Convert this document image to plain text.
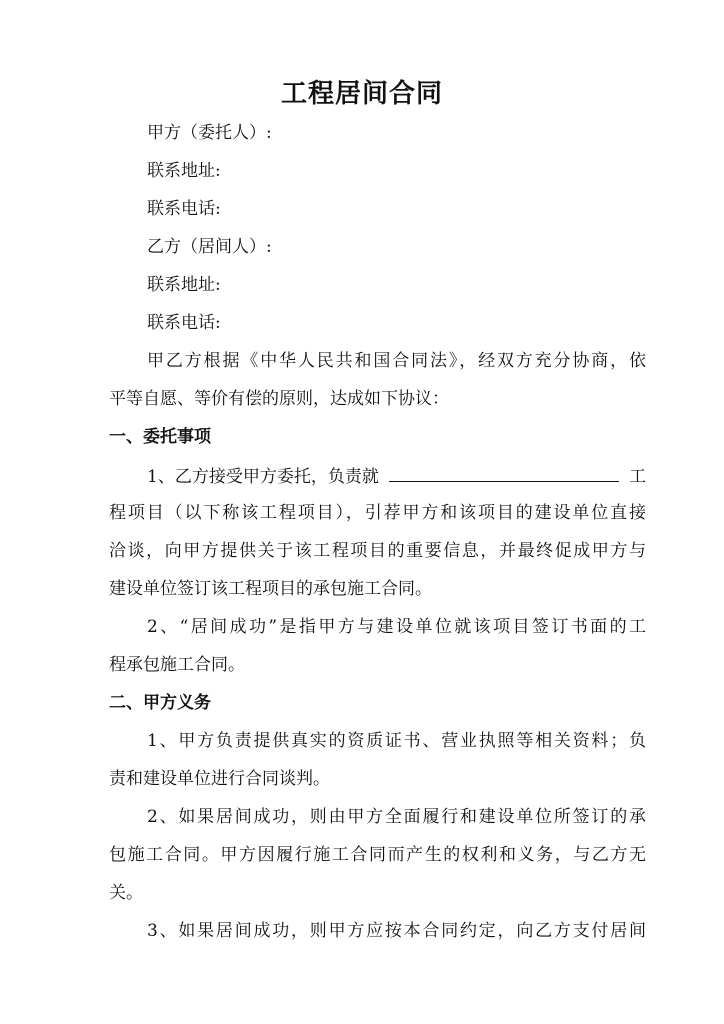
工程居间合同
甲方（委托人）:
联系地址:
联系电话:
乙方（居间人）:
联系地址:
联系电话:
甲乙方根据《中华人民共和国合同法》，经双方充分协商，依
平等自愿、等价有偿的原则，达成如下协议：
一、委托事项
1、乙方接受甲方委托，负责就	工
程项目（以下称该工程项目），引荐甲方和该项目的建设单位直接
洽谈，向甲方提供关于该工程项目的重要信息，并最终促成甲方与
建设单位签订该工程项目的承包施工合同。
2、“居间成功”是指甲方与建设单位就该项目签订书面的工
程承包施工合同。
二、甲方义务
1、甲方负责提供真实的资质证书、营业执照等相关资料；负
责和建设单位进行合同谈判。
2、如果居间成功，则由甲方全面履行和建设单位所签订的承
包施工合同。甲方因履行施工合同而产生的权利和义务，与乙方无
关。
3、如果居间成功，则甲方应按本合同约定，向乙方支付居间
